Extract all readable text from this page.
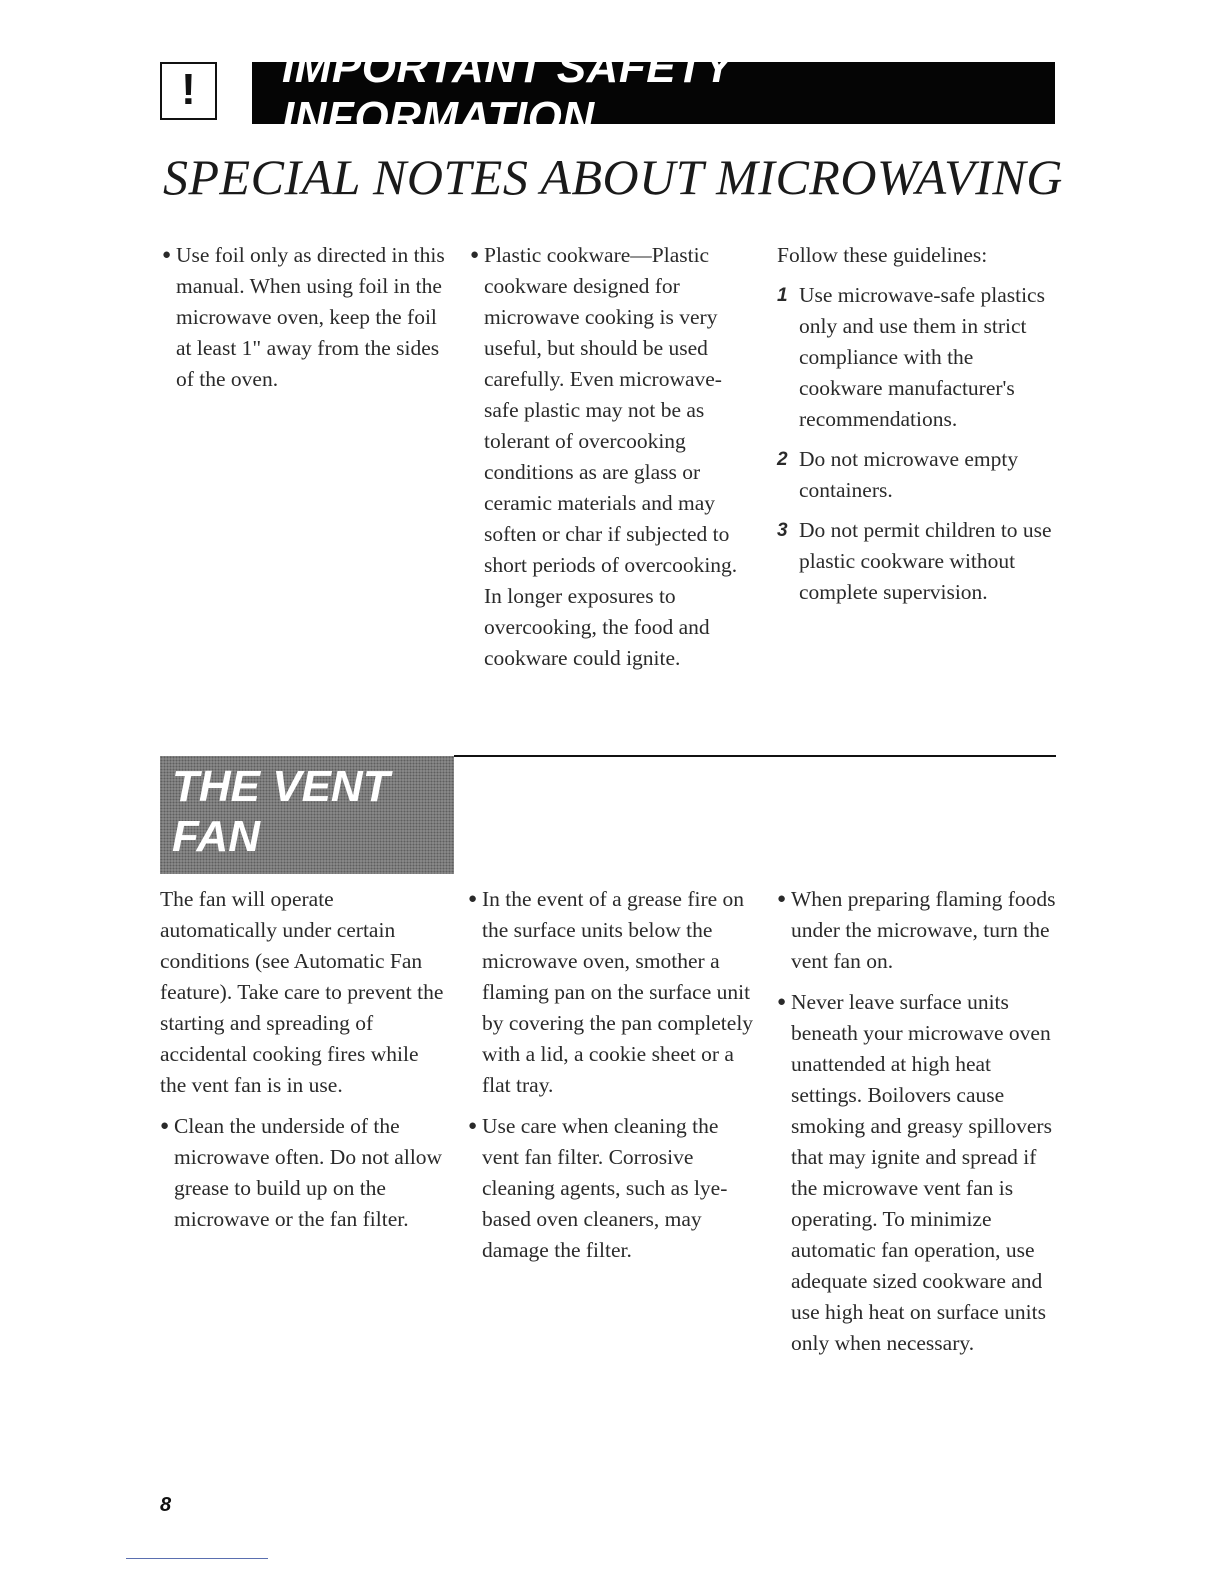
!	IMPORTANT SAFETY INFORMATION
SPECIAL NOTES ABOUT MICROWAVING

● Use foil only as directed in this manual. When using foil in the microwave oven, keep the foil at least 1" away from the sides of the oven.

● Plastic cookware—Plastic cookware designed for microwave cooking is very useful, but should be used carefully. Even microwave-safe plastic may not be as tolerant of overcooking conditions as are glass or ceramic materials and may soften or char if subjected to short periods of overcooking. In longer exposures to overcooking, the food and cookware could ignite.

Follow these guidelines:

1 Use microwave-safe plastics only and use them in strict compliance with the cookware manufacturer's recommendations.
2 Do not microwave empty containers.
3 Do not permit children to use plastic cookware without complete supervision.
THE VENT
FAN

The fan will operate automatically under certain conditions (see Automatic Fan feature). Take care to prevent the starting and spreading of accidental cooking fires while the vent fan is in use.

● Clean the underside of the microwave often. Do not allow grease to build up on the microwave or the fan filter.

● In the event of a grease fire on the surface units below the microwave oven, smother a flaming pan on the surface unit by covering the pan completely with a lid, a cookie sheet or a flat tray.

● Use care when cleaning the vent fan filter. Corrosive cleaning agents, such as lye-based oven cleaners, may damage the filter.

● When preparing flaming foods under the microwave, turn the vent fan on.

● Never leave surface units beneath your microwave oven unattended at high heat settings. Boilovers cause smoking and greasy spillovers that may ignite and spread if the microwave vent fan is operating. To minimize automatic fan operation, use adequate sized cookware and use high heat on surface units only when necessary.

8
